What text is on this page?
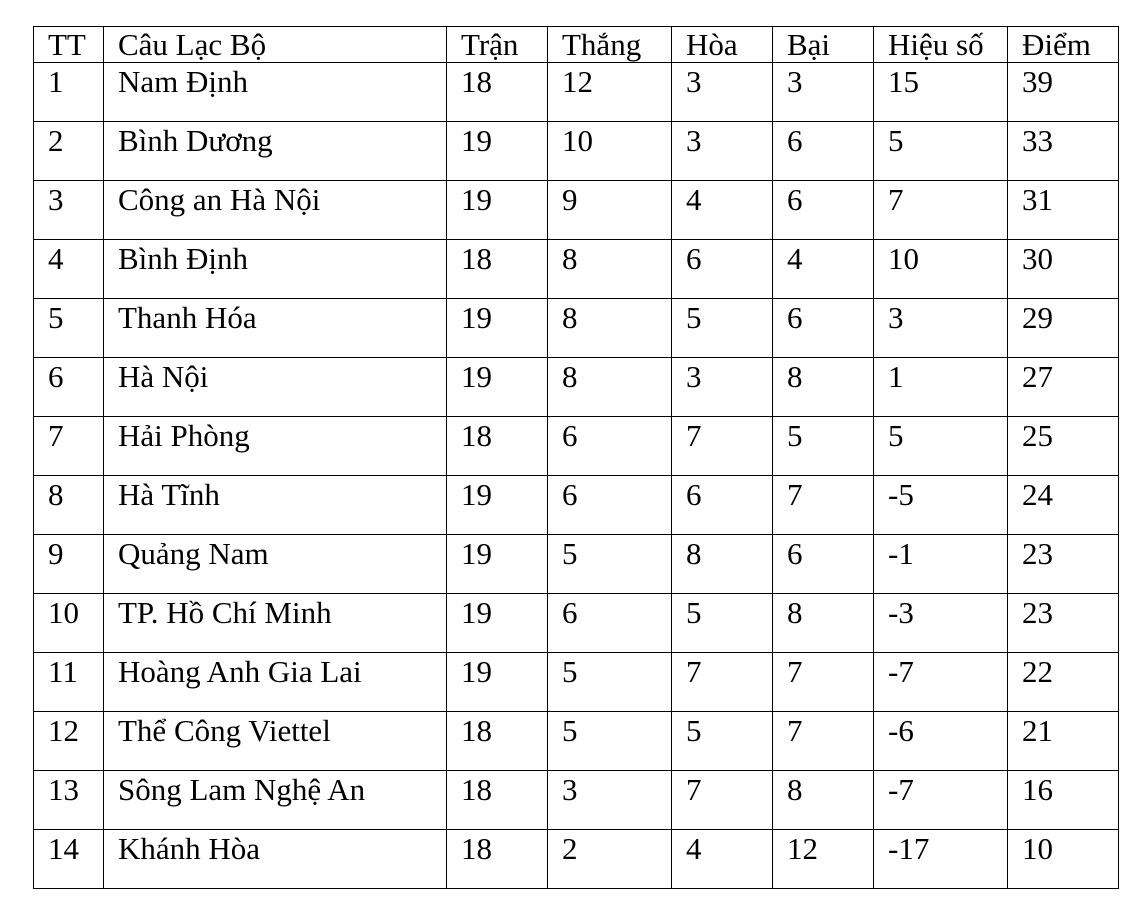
TT	Câu Lạc Bộ	Trận	Thắng	Hòa	Bại	Hiệu số	Điểm
1	Nam Định	18	12	3	3	15	39
2	Bình Dương	19	10	3	6	5	33
3	Công an Hà Nội	19	9	4	6	7	31
4	Bình Định	18	8	6	4	10	30
5	Thanh Hóa	19	8	5	6	3	29
6	Hà Nội	19	8	3	8	1	27
7	Hải Phòng	18	6	7	5	5	25
8	Hà Tĩnh	19	6	6	7	-5	24
9	Quảng Nam	19	5	8	6	-1	23
10	TP. Hồ Chí Minh	19	6	5	8	-3	23
11	Hoàng Anh Gia Lai	19	5	7	7	-7	22
12	Thể Công Viettel	18	5	5	7	-6	21
13	Sông Lam Nghệ An	18	3	7	8	-7	16
14	Khánh Hòa	18	2	4	12	-17	10
